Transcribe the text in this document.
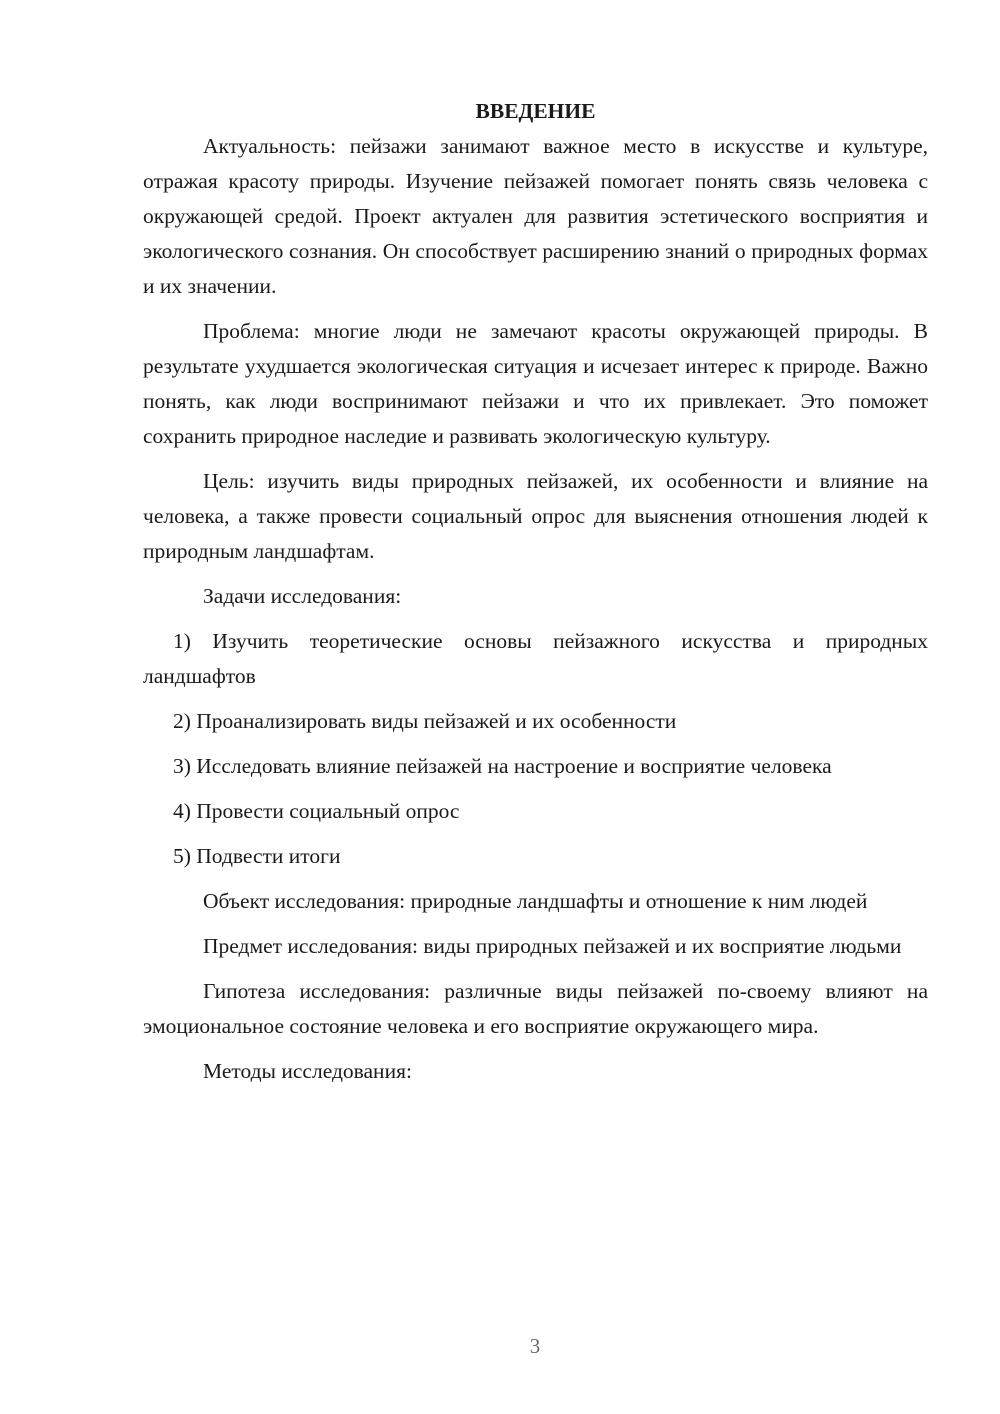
ВВЕДЕНИЕ

Актуальность: пейзажи занимают важное место в искусстве и культуре, отражая красоту природы. Изучение пейзажей помогает понять связь человека с окружающей средой. Проект актуален для развития эстетического восприятия и экологического сознания. Он способствует расширению знаний о природных формах и их значении.

Проблема: многие люди не замечают красоты окружающей природы. В результате ухудшается экологическая ситуация и исчезает интерес к природе. Важно понять, как люди воспринимают пейзажи и что их привлекает. Это поможет сохранить природное наследие и развивать экологическую культуру.

Цель: изучить виды природных пейзажей, их особенности и влияние на человека, а также провести социальный опрос для выяснения отношения людей к природным ландшафтам.

Задачи исследования:

1) Изучить теоретические основы пейзажного искусства и природных ландшафтов

2) Проанализировать виды пейзажей и их особенности

3) Исследовать влияние пейзажей на настроение и восприятие человека

4) Провести социальный опрос

5) Подвести итоги

Объект исследования: природные ландшафты и отношение к ним людей

Предмет исследования: виды природных пейзажей и их восприятие людьми

Гипотеза исследования: различные виды пейзажей по-своему влияют на эмоциональное состояние человека и его восприятие окружающего мира.

Методы исследования:

3
